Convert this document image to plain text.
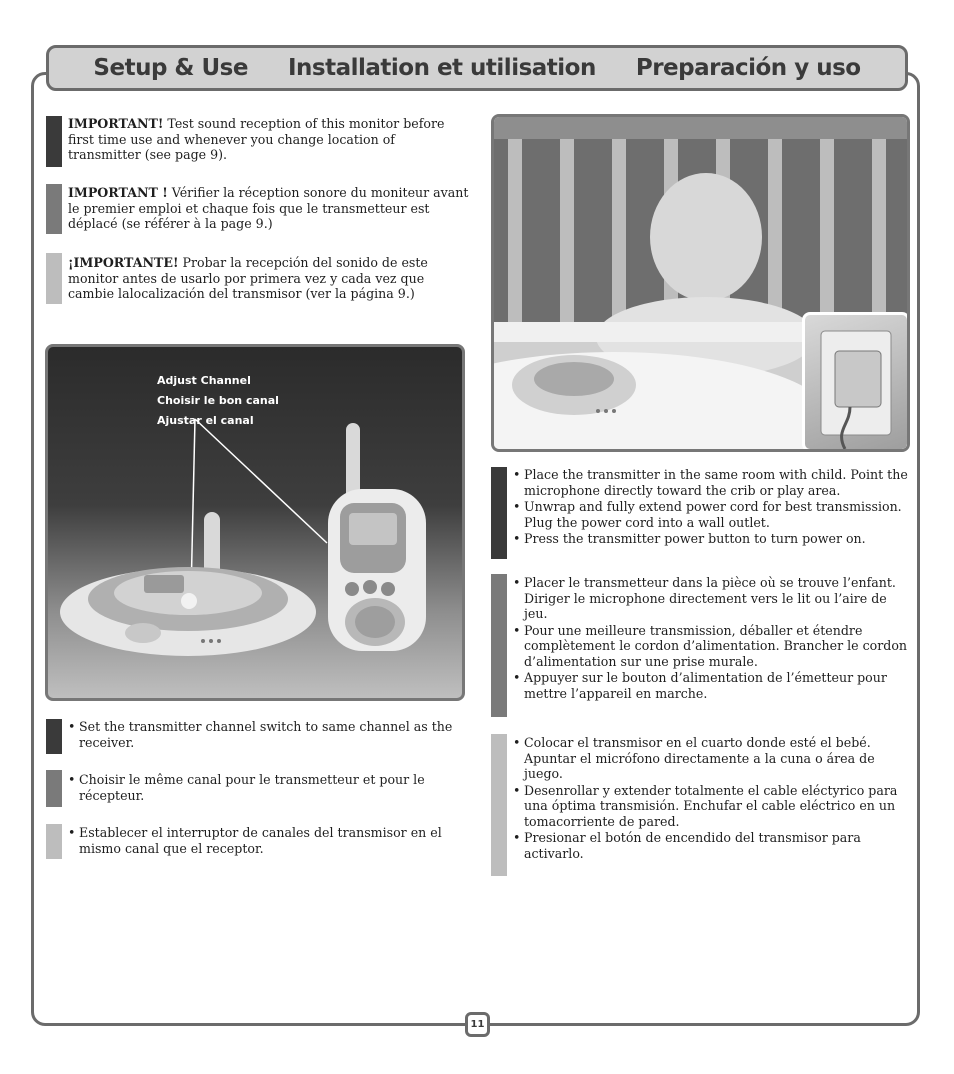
Setup & Use Installation et utilisation Preparación y uso
IMPORTANT! Test sound reception of this monitor before first time use and whenever you change location of transmitter (see page 9).
IMPORTANT ! Vérifier la réception sonore du moniteur avant le premier emploi et chaque fois que le transmetteur est déplacé (se référer à la page 9.)
¡IMPORTANTE! Probar la recepción del sonido de este monitor antes de usarlo por primera vez y cada vez que cambie lalocalización del transmisor (ver la página 9.)
Adjust Channel
Choisir le bon canal
Ajustar el canal
• Set the transmitter channel switch to same channel as the receiver.
• Choisir le même canal pour le transmetteur et pour le récepteur.
• Establecer el interruptor de canales del transmisor en el mismo canal que el receptor.
• Place the transmitter in the same room with child. Point the microphone directly toward the crib or play area.
• Unwrap and fully extend power cord for best transmission. Plug the power cord into a wall outlet.
• Press the transmitter power button to turn power on.
• Placer le transmetteur dans la pièce où se trouve l’enfant. Diriger le microphone directement vers le lit ou l’aire de jeu.
• Pour une meilleure transmission, déballer et étendre complètement le cordon d’alimentation. Brancher le cordon d’alimentation sur une prise murale.
• Appuyer sur le bouton d’alimentation de l’émetteur pour mettre l’appareil en marche.
• Colocar el transmisor en el cuarto donde esté el bebé. Apuntar el micrófono directamente a la cuna o área de juego.
• Desenrollar y extender totalmente el cable eléctyrico para una óptima transmisión. Enchufar el cable eléctrico en un tomacorriente de pared.
• Presionar el botón de encendido del transmisor para activarlo.
11
